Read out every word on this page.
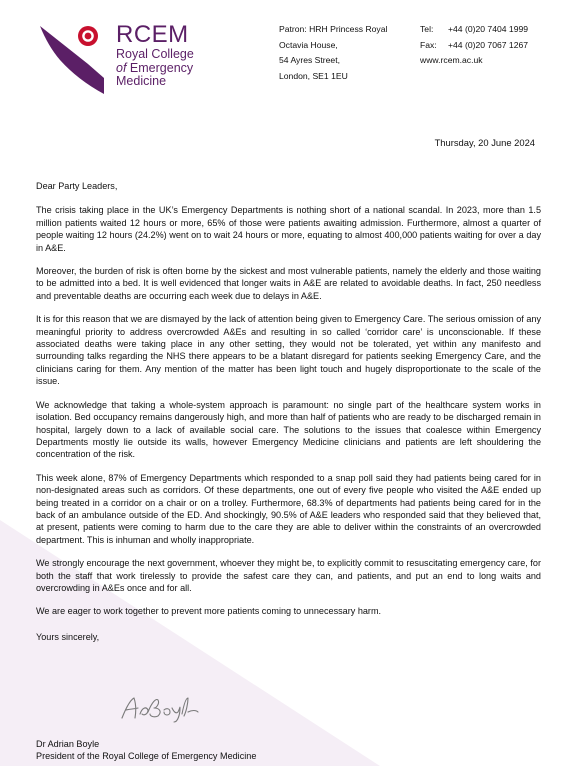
RCEM
Royal College
of Emergency
Medicine
Patron: HRH Princess Royal
Octavia House,
54 Ayres Street,
London, SE1 1EU
Tel: +44 (0)20 7404 1999
Fax: +44 (0)20 7067 1267
www.rcem.ac.uk
Thursday, 20 June 2024

Dear Party Leaders,

The crisis taking place in the UK’s Emergency Departments is nothing short of a national scandal. In 2023, more than 1.5 million patients waited 12 hours or more, 65% of those were patients awaiting admission. Furthermore, almost a quarter of people waiting 12 hours (24.2%) went on to wait 24 hours or more, equating to almost 400,000 patients waiting for over a day in A&E.

Moreover, the burden of risk is often borne by the sickest and most vulnerable patients, namely the elderly and those waiting to be admitted into a bed. It is well evidenced that longer waits in A&E are related to avoidable deaths. In fact, 250 needless and preventable deaths are occurring each week due to delays in A&E.

It is for this reason that we are dismayed by the lack of attention being given to Emergency Care. The serious omission of any meaningful priority to address overcrowded A&Es and resulting in so called ‘corridor care’ is unconscionable. If these associated deaths were taking place in any other setting, they would not be tolerated, yet within any manifesto and surrounding talks regarding the NHS there appears to be a blatant disregard for patients seeking Emergency Care, and the clinicians caring for them. Any mention of the matter has been light touch and hugely disproportionate to the scale of the issue.

We acknowledge that taking a whole-system approach is paramount: no single part of the healthcare system works in isolation. Bed occupancy remains dangerously high, and more than half of patients who are ready to be discharged remain in hospital, largely down to a lack of available social care. The solutions to the issues that coalesce within Emergency Departments mostly lie outside its walls, however Emergency Medicine clinicians and patients are left shouldering the concentration of the risk.

This week alone, 87% of Emergency Departments which responded to a snap poll said they had patients being cared for in non-designated areas such as corridors. Of these departments, one out of every five people who visited the A&E ended up being treated in a corridor on a chair or on a trolley. Furthermore, 68.3% of departments had patients being cared for in the back of an ambulance outside of the ED. And shockingly, 90.5% of A&E leaders who responded said that they believed that, at present, patients were coming to harm due to the care they are able to deliver within the constraints of an overcrowded department. This is inhuman and wholly inappropriate.

We strongly encourage the next government, whoever they might be, to explicitly commit to resuscitating emergency care, for both the staff that work tirelessly to provide the safest care they can, and patients, and put an end to long waits and overcrowding in A&Es once and for all.

We are eager to work together to prevent more patients coming to unnecessary harm.

Yours sincerely,

Dr Adrian Boyle
President of the Royal College of Emergency Medicine
